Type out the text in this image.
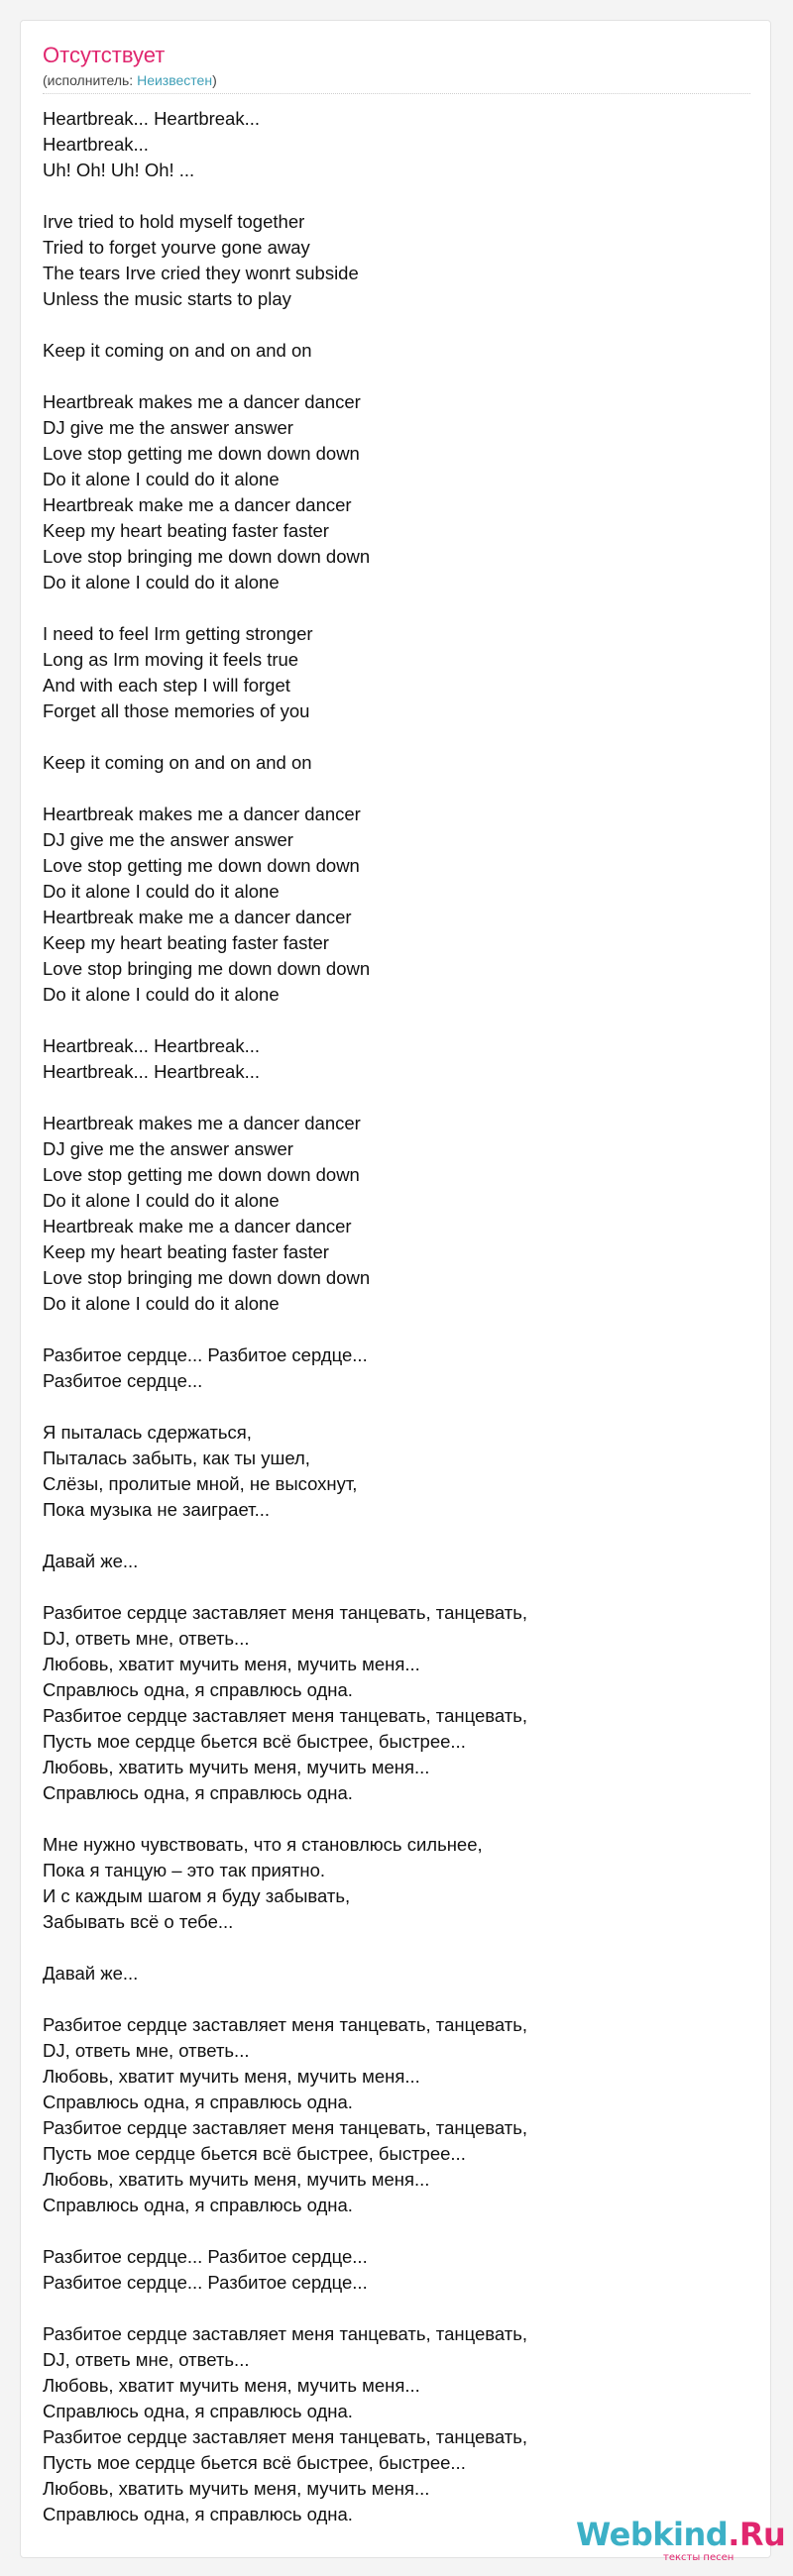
Отсутствует
(исполнитель: Неизвестен)
Heartbreak... Heartbreak...
Heartbreak...
Uh! Oh! Uh! Oh! ...
Irve tried to hold myself together
Tried to forget yourve gone away
The tears Irve cried they wonrt subside
Unless the music starts to play
Keep it coming on and on and on
Heartbreak makes me a dancer dancer
DJ give me the answer answer
Love stop getting me down down down
Do it alone I could do it alone
Heartbreak make me a dancer dancer
Keep my heart beating faster faster
Love stop bringing me down down down
Do it alone I could do it alone
I need to feel Irm getting stronger
Long as Irm moving it feels true
And with each step I will forget
Forget all those memories of you
Keep it coming on and on and on
Heartbreak makes me a dancer dancer
DJ give me the answer answer
Love stop getting me down down down
Do it alone I could do it alone
Heartbreak make me a dancer dancer
Keep my heart beating faster faster
Love stop bringing me down down down
Do it alone I could do it alone
Heartbreak... Heartbreak...
Heartbreak... Heartbreak...
Heartbreak makes me a dancer dancer
DJ give me the answer answer
Love stop getting me down down down
Do it alone I could do it alone
Heartbreak make me a dancer dancer
Keep my heart beating faster faster
Love stop bringing me down down down
Do it alone I could do it alone
Разбитое сердце... Разбитое сердце...
Разбитое сердце...
Я пыталась сдержаться,
Пыталась забыть, как ты ушел,
Слёзы, пролитые мной, не высохнут,
Пока музыка не заиграет...
Давай же...
Разбитое сердце заставляет меня танцевать, танцевать,
DJ, ответь мне, ответь...
Любовь, хватит мучить меня, мучить меня...
Справлюсь одна, я справлюсь одна.
Разбитое сердце заставляет меня танцевать, танцевать,
Пусть мое сердце бьется всё быстрее, быстрее...
Любовь, хватить мучить меня, мучить меня...
Справлюсь одна, я справлюсь одна.
Мне нужно чувствовать, что я становлюсь сильнее,
Пока я танцую – это так приятно.
И с каждым шагом я буду забывать,
Забывать всё о тебе...
Давай же...
Разбитое сердце заставляет меня танцевать, танцевать,
DJ, ответь мне, ответь...
Любовь, хватит мучить меня, мучить меня...
Справлюсь одна, я справлюсь одна.
Разбитое сердце заставляет меня танцевать, танцевать,
Пусть мое сердце бьется всё быстрее, быстрее...
Любовь, хватить мучить меня, мучить меня...
Справлюсь одна, я справлюсь одна.
Разбитое сердце... Разбитое сердце...
Разбитое сердце... Разбитое сердце...
Разбитое сердце заставляет меня танцевать, танцевать,
DJ, ответь мне, ответь...
Любовь, хватит мучить меня, мучить меня...
Справлюсь одна, я справлюсь одна.
Разбитое сердце заставляет меня танцевать, танцевать,
Пусть мое сердце бьется всё быстрее, быстрее...
Любовь, хватить мучить меня, мучить меня...
Справлюсь одна, я справлюсь одна.
Webkind.Ru
тексты песен
